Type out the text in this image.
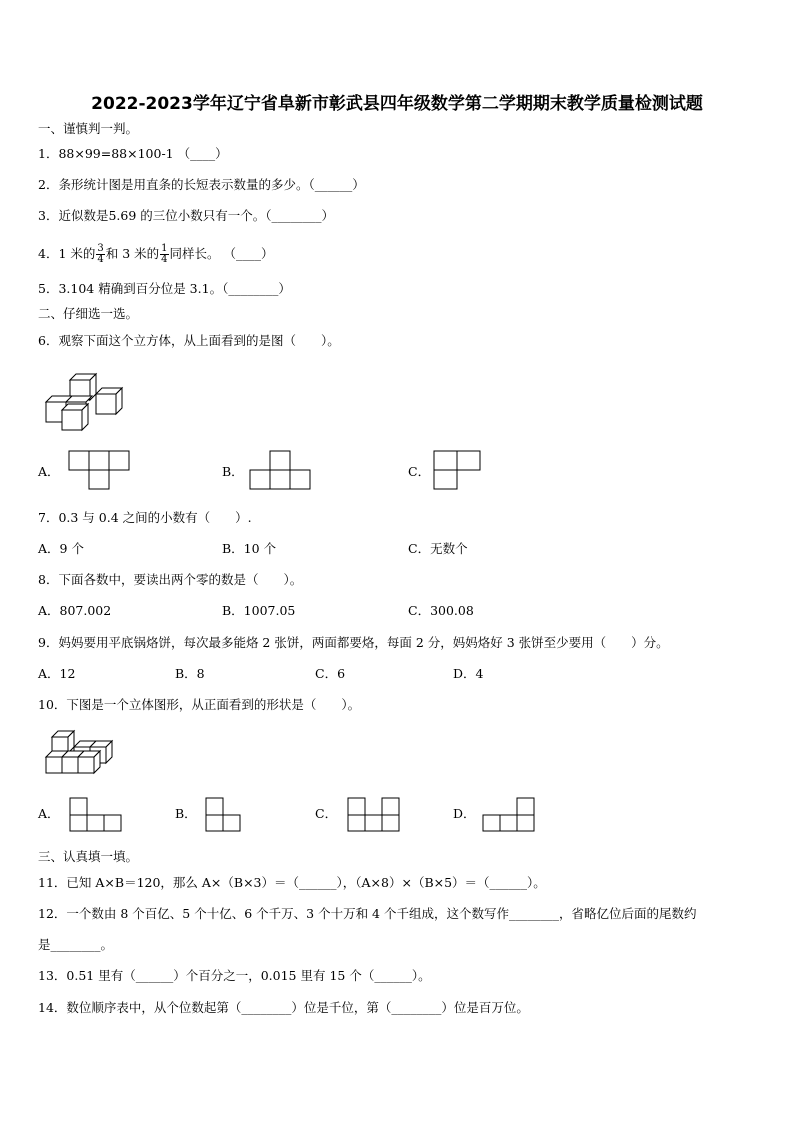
2022-2023学年辽宁省阜新市彰武县四年级数学第二学期期末教学质量检测试题
一、谨慎判一判。
1．88×99=88×100-1 （____）
2．条形统计图是用直条的长短表示数量的多少。（______）
3．近似数是5.69 的三位小数只有一个。（________）
4．1 米的 $\frac{3}{4}$ 和 3 米的 $\frac{1}{4}$ 同样长。 （____）
5．3.104 精确到百分位是 3.1。（________）
二、仔细选一选。
6．观察下面这个立方体，从上面看到的是图（　　）。
A．	B．	C．
7．0.3 与 0.4 之间的小数有（　　）.
A．9 个	B．10 个	C．无数个
8．下面各数中，要读出两个零的数是（　　）。
A．807.002	B．1007.05	C．300.08
9．妈妈要用平底锅烙饼，每次最多能烙 2 张饼，两面都要烙，每面 2 分，妈妈烙好 3 张饼至少要用（　　）分。
A．12	B．8	C．6	D．4
10．下图是一个立体图形，从正面看到的形状是（　　）。
A．	B．	C．	D．
三、认真填一填。
11．已知 A×B＝120，那么 A×（B×3）＝（______），（A×8）×（B×5）＝（______）。
12．一个数由 8 个百亿、5 个十亿、6 个千万、3 个十万和 4 个千组成，这个数写作________，省略亿位后面的尾数约
是________。
13．0.51 里有（______）个百分之一，0.015 里有 15 个（______）。
14．数位顺序表中，从个位数起第（________）位是千位，第（________）位是百万位。
